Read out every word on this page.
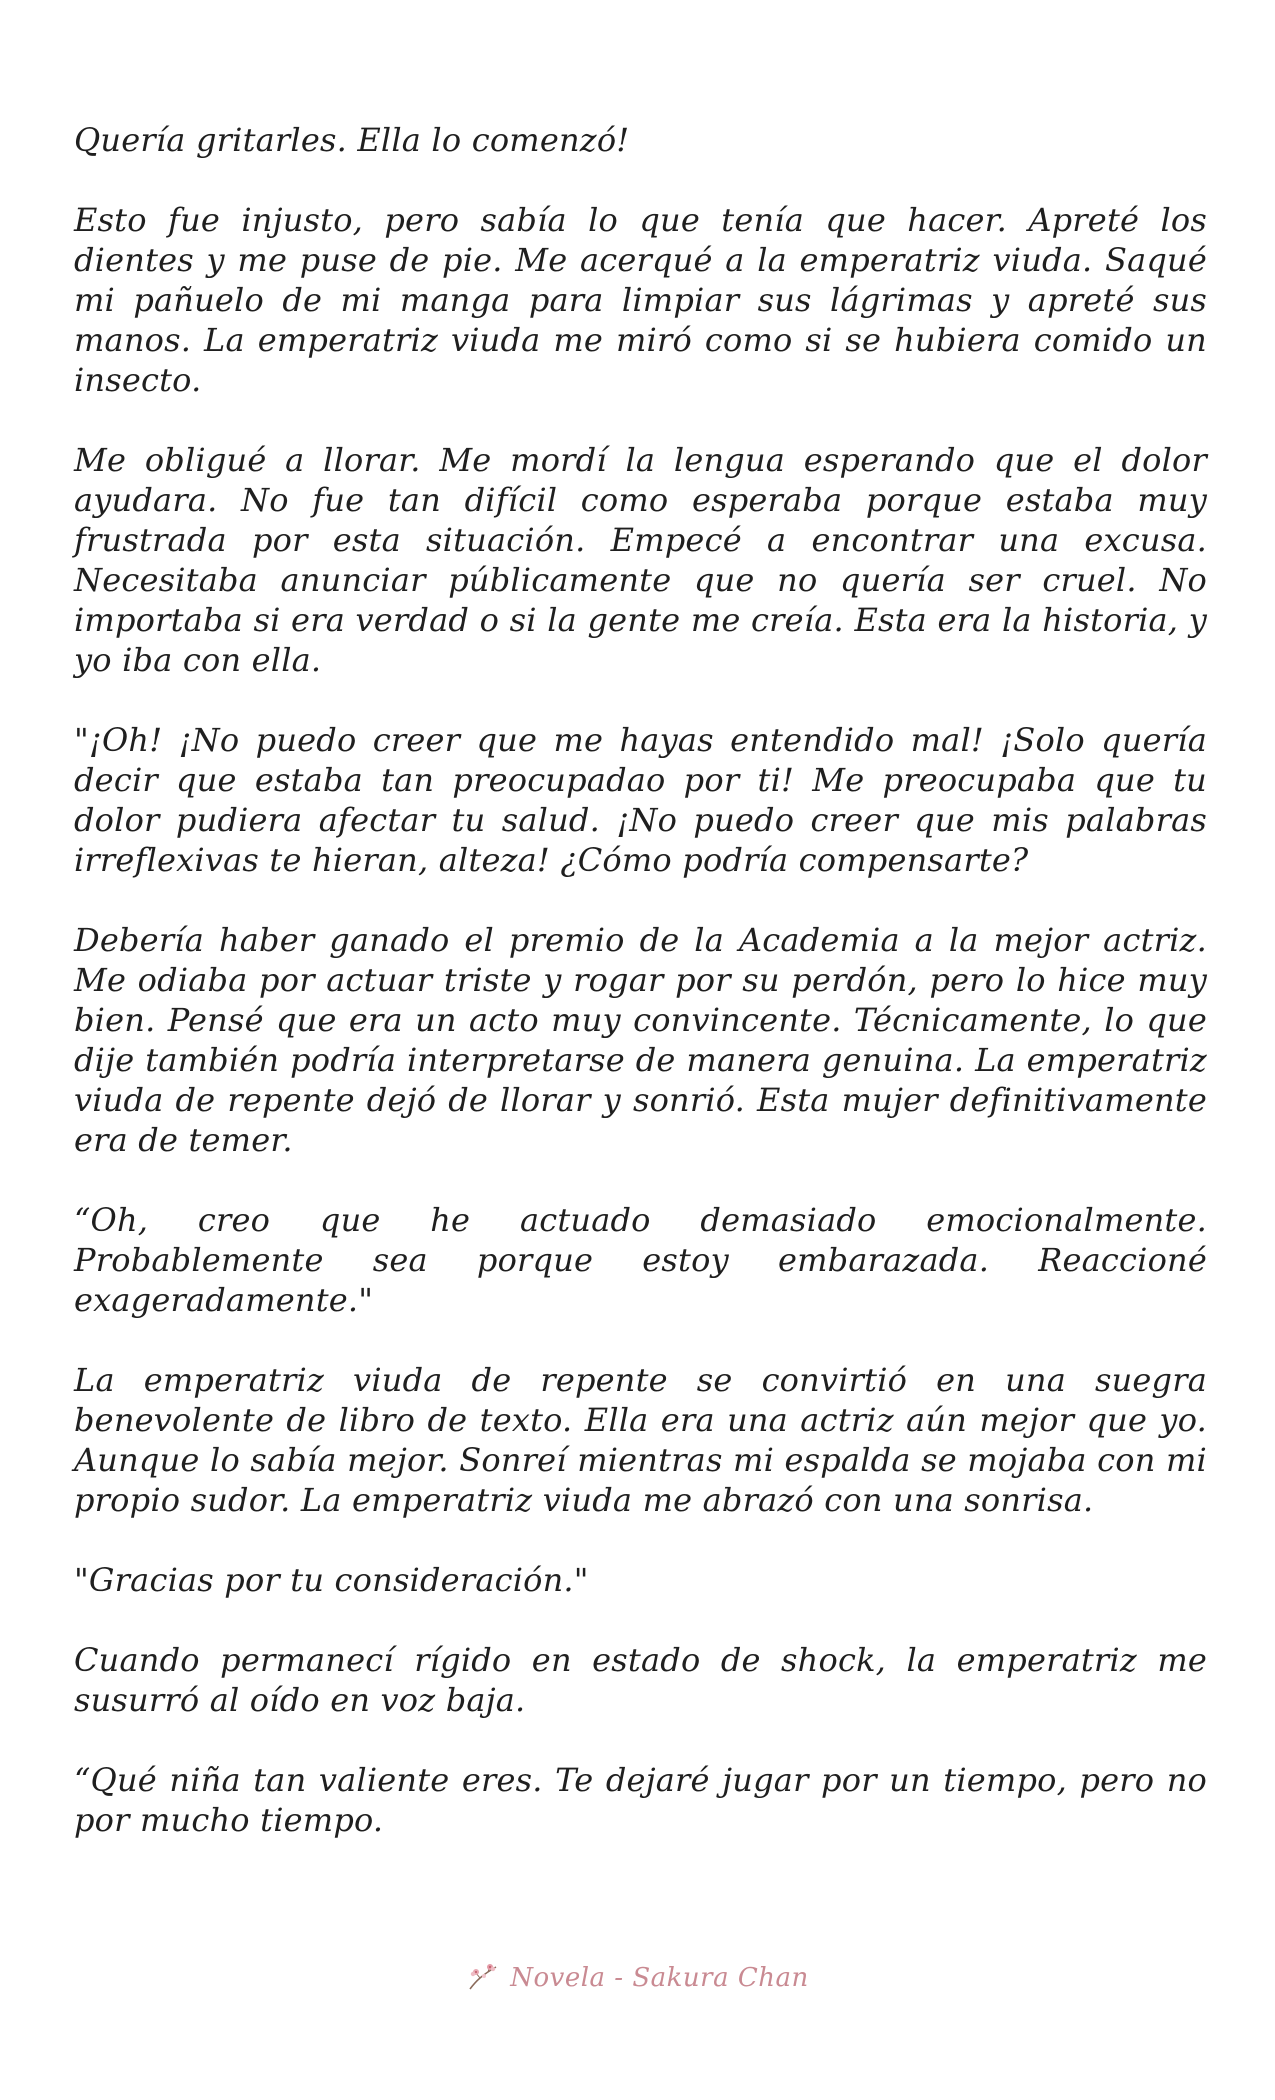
Quería gritarles. Ella lo comenzó!

Esto fue injusto, pero sabía lo que tenía que hacer. Apreté los dientes y me puse de pie. Me acerqué a la emperatriz viuda. Saqué mi pañuelo de mi manga para limpiar sus lágrimas y apreté sus manos. La emperatriz viuda me miró como si se hubiera comido un insecto.

Me obligué a llorar. Me mordí la lengua esperando que el dolor ayudara. No fue tan difícil como esperaba porque estaba muy frustrada por esta situación. Empecé a encontrar una excusa. Necesitaba anunciar públicamente que no quería ser cruel. No importaba si era verdad o si la gente me creía. Esta era la historia, y yo iba con ella.

"¡Oh! ¡No puedo creer que me hayas entendido mal! ¡Solo quería decir que estaba tan preocupadao por ti! Me preocupaba que tu dolor pudiera afectar tu salud. ¡No puedo creer que mis palabras irreflexivas te hieran, alteza! ¿Cómo podría compensarte?

Debería haber ganado el premio de la Academia a la mejor actriz. Me odiaba por actuar triste y rogar por su perdón, pero lo hice muy bien. Pensé que era un acto muy convincente. Técnicamente, lo que dije también podría interpretarse de manera genuina. La emperatriz viuda de repente dejó de llorar y sonrió. Esta mujer definitivamente era de temer.

“Oh, creo que he actuado demasiado emocionalmente. Probablemente sea porque estoy embarazada. Reaccioné exageradamente."

La emperatriz viuda de repente se convirtió en una suegra benevolente de libro de texto. Ella era una actriz aún mejor que yo. Aunque lo sabía mejor. Sonreí mientras mi espalda se mojaba con mi propio sudor. La emperatriz viuda me abrazó con una sonrisa.

"Gracias por tu consideración."

Cuando permanecí rígido en estado de shock, la emperatriz me susurró al oído en voz baja.

“Qué niña tan valiente eres. Te dejaré jugar por un tiempo, pero no por mucho tiempo.

Novela - Sakura Chan
